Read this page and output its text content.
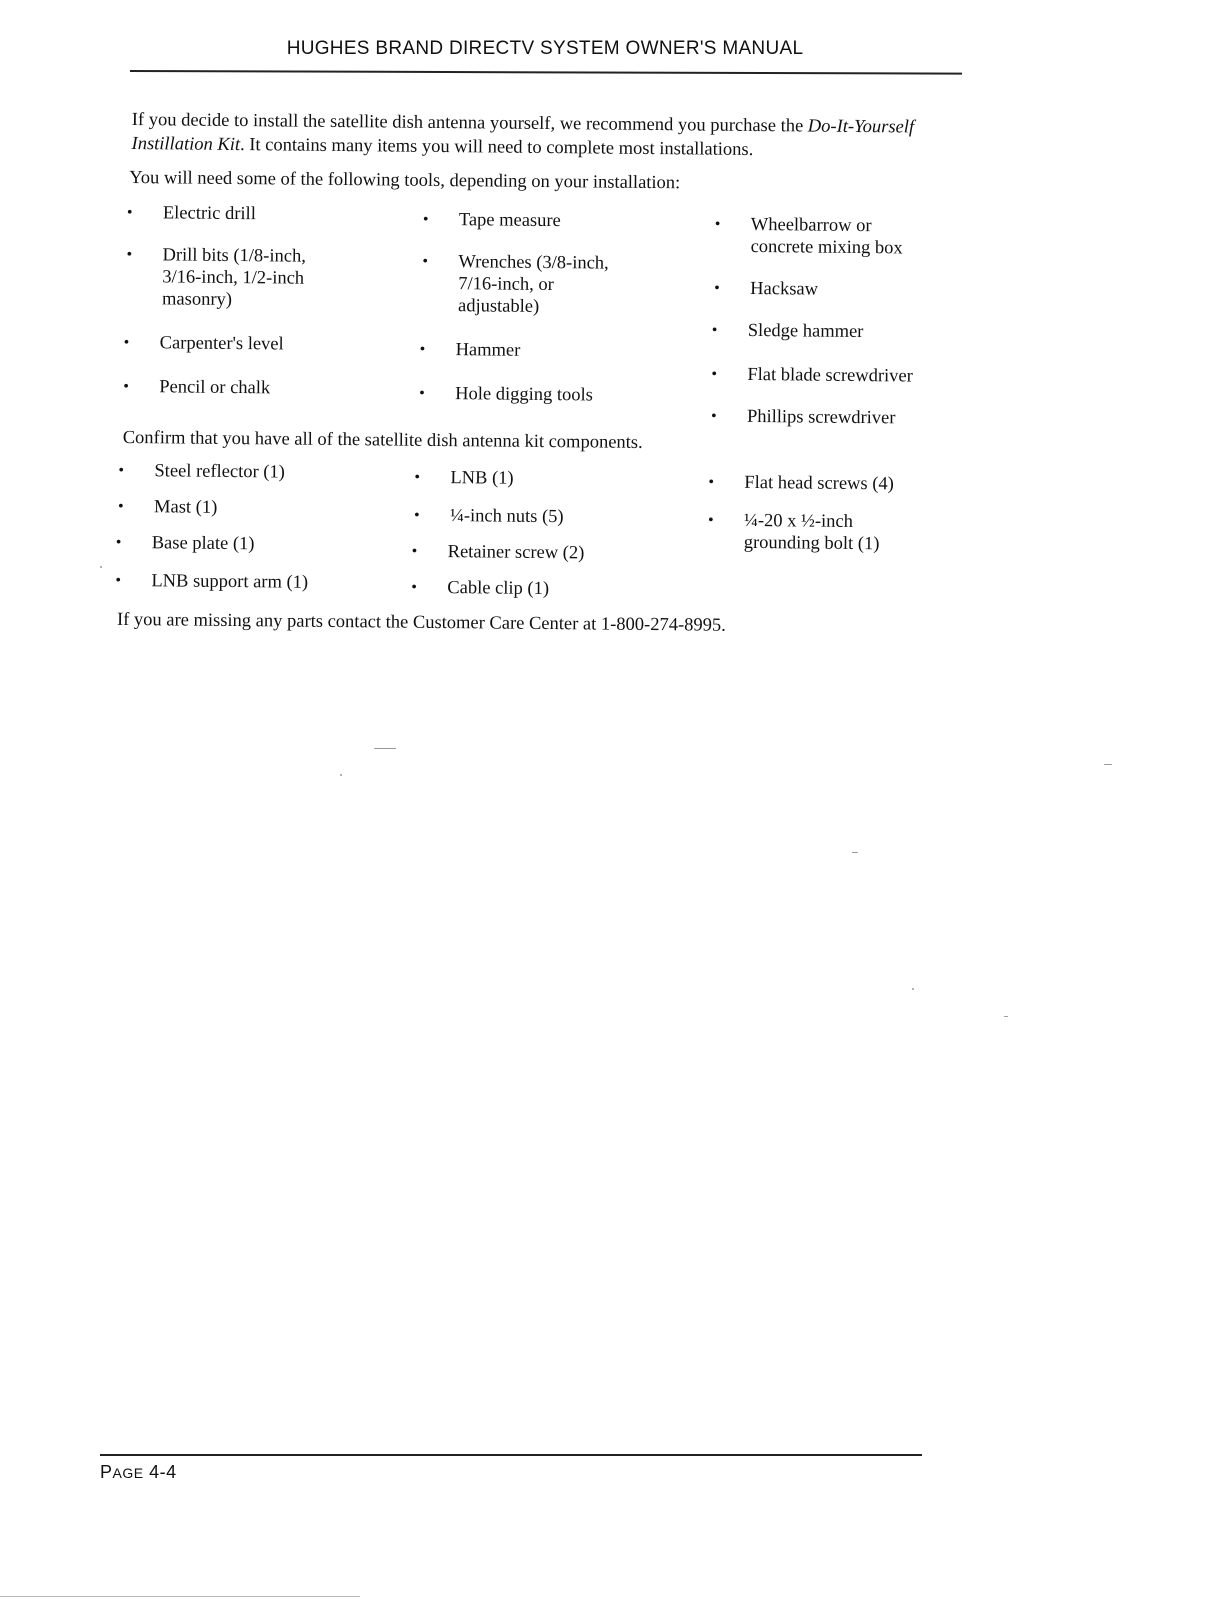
HUGHES BRAND DIRECTV SYSTEM OWNER'S MANUAL

If you decide to install the satellite dish antenna yourself, we recommend you purchase the Do-It-Yourself Instillation Kit. It contains many items you will need to complete most installations.

You will need some of the following tools, depending on your installation:

•	Electric drill
•	Drill bits (1/8-inch,
3/16-inch, 1/2-inch
masonry)
•	Carpenter's level
•	Pencil or chalk
•	Tape measure
•	Wrenches (3/8-inch,
7/16-inch, or
adjustable)
•	Hammer
•	Hole digging tools
•	Wheelbarrow or
concrete mixing box
•	Hacksaw
•	Sledge hammer
•	Flat blade screwdriver
•	Phillips screwdriver

Confirm that you have all of the satellite dish antenna kit components.

•	Steel reflector (1)
•	Mast (1)
•	Base plate (1)
•	LNB support arm (1)
•	LNB (1)
•	¼-inch nuts (5)
•	Retainer screw (2)
•	Cable clip (1)
•	Flat head screws (4)
•	¼-20 x ½-inch
grounding bolt (1)

If you are missing any parts contact the Customer Care Center at 1-800-274-8995.

PAGE 4-4
